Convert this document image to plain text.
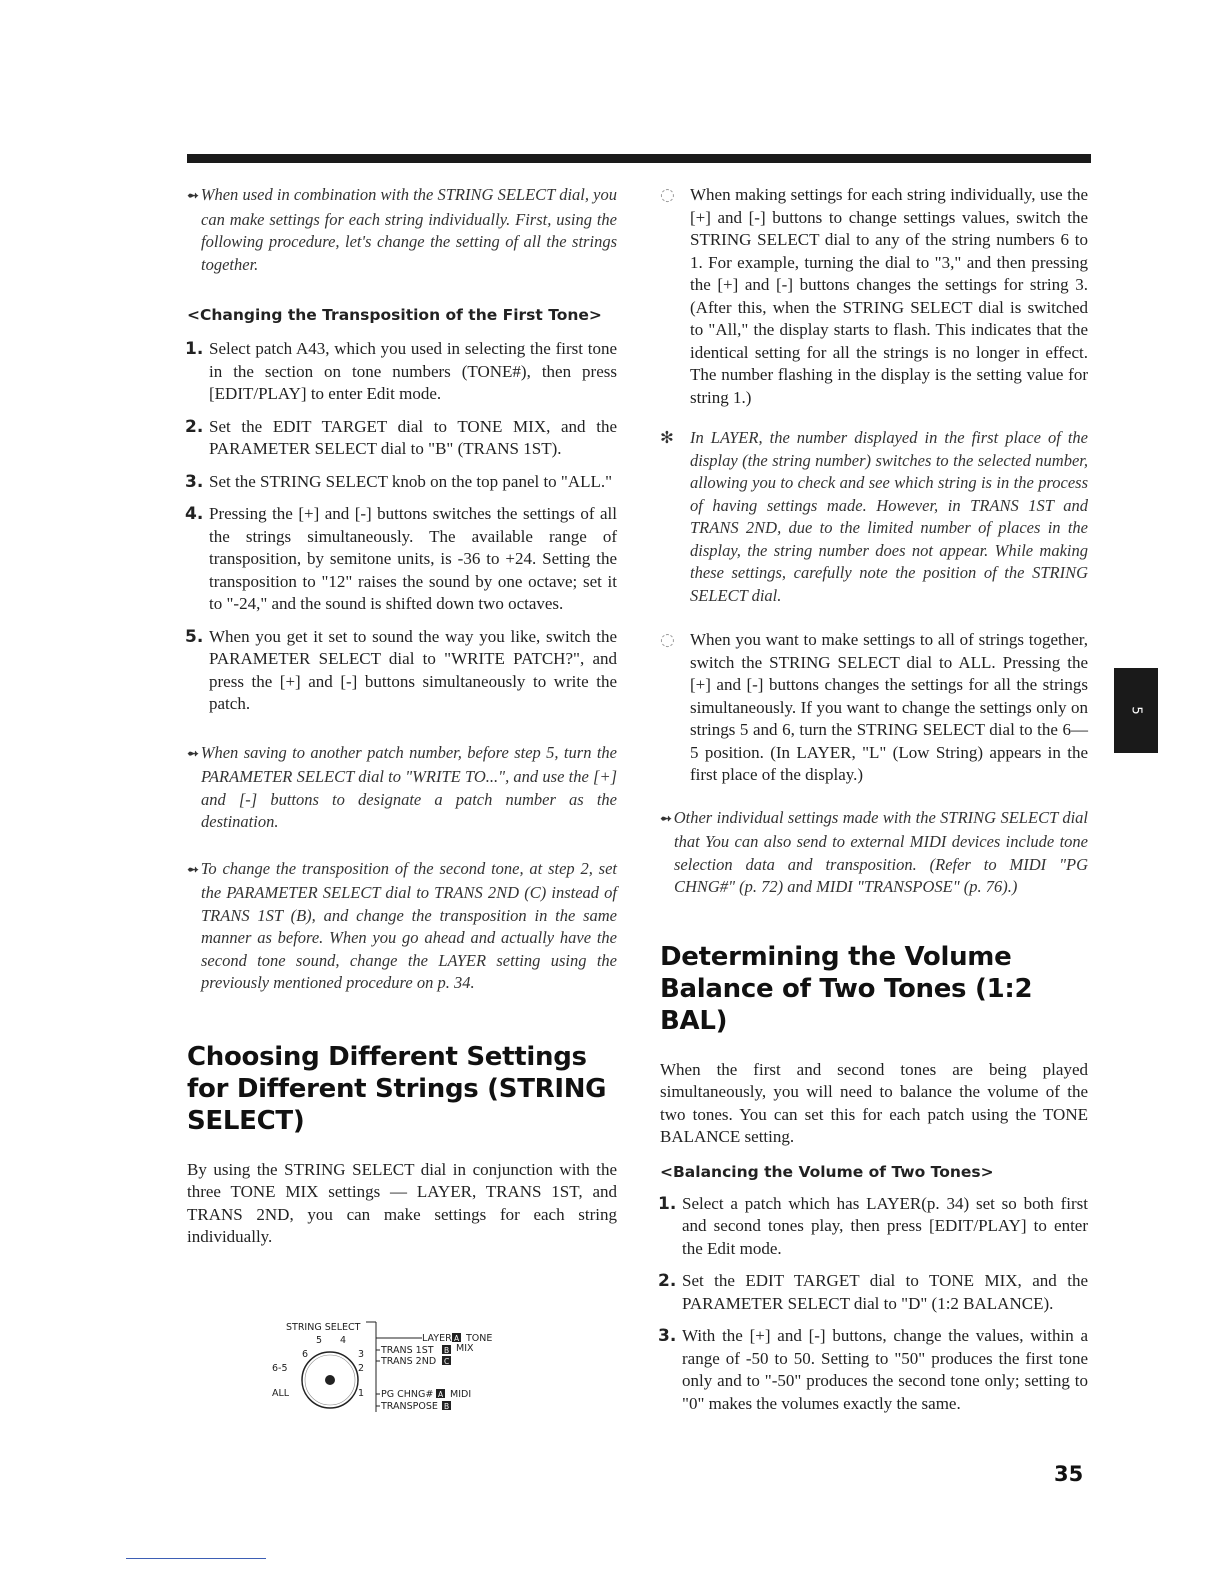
➻ When used in combination with the STRING SELECT dial, you can make settings for each string individually. First, using the following procedure, let's change the setting of all the strings together.

<Changing the Transposition of the First Tone>

1. Select patch A43, which you used in selecting the first tone in the section on tone numbers (TONE#), then press [EDIT/PLAY] to enter Edit mode.
2. Set the EDIT TARGET dial to TONE MIX, and the PARAMETER SELECT dial to "B" (TRANS 1ST).
3. Set the STRING SELECT knob on the top panel to "ALL."
4. Pressing the [+] and [-] buttons switches the settings of all the strings simultaneously. The available range of transposition, by semitone units, is -36 to +24. Setting the transposition to "12" raises the sound by one octave; set it to "-24," and the sound is shifted down two octaves.
5. When you get it set to sound the way you like, switch the PARAMETER SELECT dial to "WRITE PATCH?", and press the [+] and [-] buttons simultaneously to write the patch.

➻ When saving to another patch number, before step 5, turn the PARAMETER SELECT dial to "WRITE TO...", and use the [+] and [-] buttons to designate a patch number as the destination.

➻ To change the transposition of the second tone, at step 2, set the PARAMETER SELECT dial to TRANS 2ND (C) instead of TRANS 1ST (B), and change the transposition in the same manner as before. When you go ahead and actually have the second tone sound, change the LAYER setting using the previously mentioned procedure on p. 34.

Choosing Different Settings for Different Strings (STRING SELECT)

By using the STRING SELECT dial in conjunction with the three TONE MIX settings — LAYER, TRANS 1ST, and TRANS 2ND, you can make settings for each string individually.

STRING SELECT
5 4
6	3
6-5	2
ALL	1
LAYER A TONE
TRANS 1ST B MIX
TRANS 2ND C
PG CHNG# A MIDI
TRANSPOSE B
◌ When making settings for each string individually, use the [+] and [-] buttons to change settings values, switch the STRING SELECT dial to any of the string numbers 6 to 1. For example, turning the dial to "3," and then pressing the [+] and [-] buttons changes the settings for string 3. (After this, when the STRING SELECT dial is switched to "All," the display starts to flash. This indicates that the identical setting for all the strings is no longer in effect. The number flashing in the display is the setting value for string 1.)
✻ In LAYER, the number displayed in the first place of the display (the string number) switches to the selected number, allowing you to check and see which string is in the process of having settings made. However, in TRANS 1ST and TRANS 2ND, due to the limited number of places in the display, the string number does not appear. While making these settings, carefully note the position of the STRING SELECT dial.
◌ When you want to make settings to all of strings together, switch the STRING SELECT dial to ALL. Pressing the [+] and [-] buttons changes the settings for all the strings simultaneously. If you want to change the settings only on strings 5 and 6, turn the STRING SELECT dial to the 6—5 position. (In LAYER, "L" (Low String) appears in the first place of the display.)

➻ Other individual settings made with the STRING SELECT dial that You can also send to external MIDI devices include tone selection data and transposition. (Refer to MIDI "PG CHNG#" (p. 72) and MIDI "TRANSPOSE" (p. 76).)

Determining the Volume Balance of Two Tones (1:2 BAL)

When the first and second tones are being played simultaneously, you will need to balance the volume of the two tones. You can set this for each patch using the TONE BALANCE setting.

<Balancing the Volume of Two Tones>

1. Select a patch which has LAYER(p. 34) set so both first and second tones play, then press [EDIT/PLAY] to enter the Edit mode.
2. Set the EDIT TARGET dial to TONE MIX, and the PARAMETER SELECT dial to "D" (1:2 BALANCE).
3. With the [+] and [-] buttons, change the values, within a range of -50 to 50. Setting to "50" produces the first tone only and to "-50" produces the second tone only; setting to "0" makes the volumes exactly the same.
5
35
